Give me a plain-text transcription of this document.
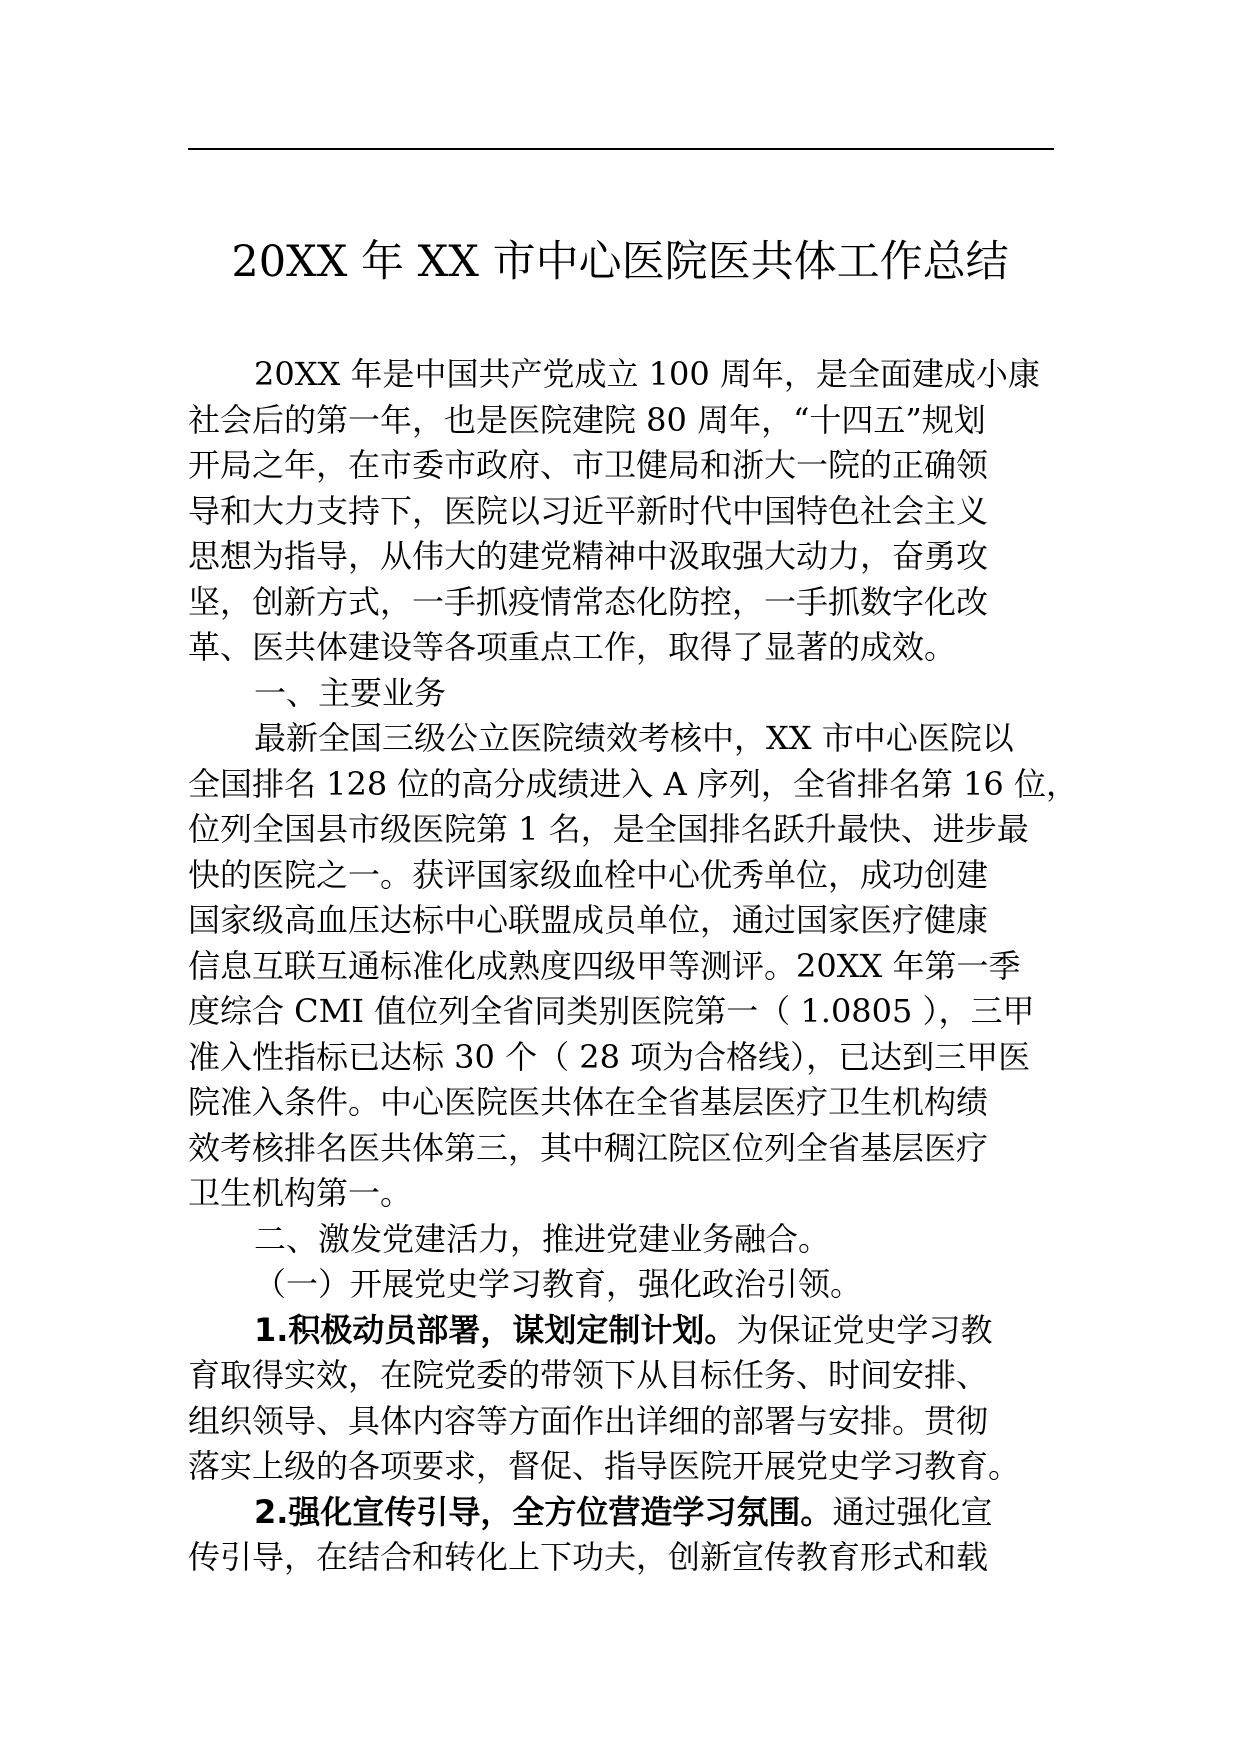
20XX 年 XX 市中心医院医共体工作总结
20XX 年是中国共产党成立 100 周年，是全面建成小康
社会后的第一年，也是医院建院 80 周年，“十四五”规划
开局之年，在市委市政府、市卫健局和浙大一院的正确领
导和大力支持下，医院以习近平新时代中国特色社会主义
思想为指导，从伟大的建党精神中汲取强大动力，奋勇攻
坚，创新方式，一手抓疫情常态化防控，一手抓数字化改
革、医共体建设等各项重点工作，取得了显著的成效。
一、主要业务
最新全国三级公立医院绩效考核中，XX 市中心医院以
全国排名 128 位的高分成绩进入 A 序列，全省排名第 16 位，
位列全国县市级医院第 1 名，是全国排名跃升最快、进步最
快的医院之一。获评国家级血栓中心优秀单位，成功创建
国家级高血压达标中心联盟成员单位，通过国家医疗健康
信息互联互通标准化成熟度四级甲等测评。20XX 年第一季
度综合 CMI 值位列全省同类别医院第一（ 1.0805 ），三甲
准入性指标已达标 30 个（ 28 项为合格线），已达到三甲医
院准入条件。中心医院医共体在全省基层医疗卫生机构绩
效考核排名医共体第三，其中稠江院区位列全省基层医疗
卫生机构第一。
二、激发党建活力，推进党建业务融合。
（一）开展党史学习教育，强化政治引领。
1.积极动员部署，谋划定制计划。为保证党史学习教
育取得实效，在院党委的带领下从目标任务、时间安排、
组织领导、具体内容等方面作出详细的部署与安排。贯彻
落实上级的各项要求，督促、指导医院开展党史学习教育。
2.强化宣传引导，全方位营造学习氛围。通过强化宣
传引导，在结合和转化上下功夫，创新宣传教育形式和载
